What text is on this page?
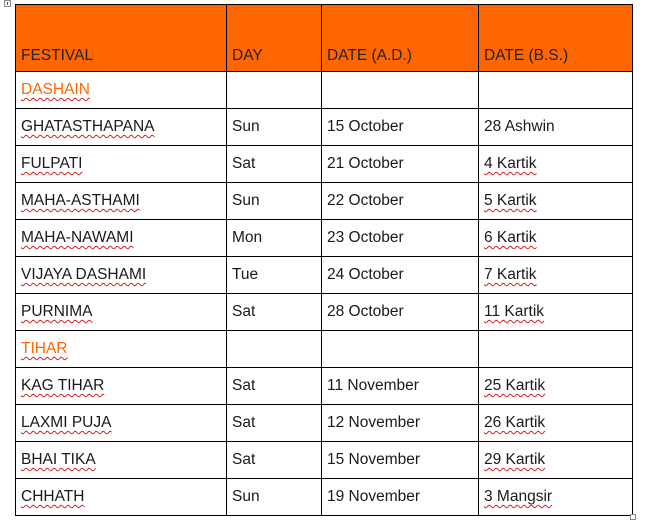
FESTIVAL	DAY	DATE (A.D.)	DATE (B.S.)
DASHAIN			
GHATASTHAPANA	Sun	15 October	28 Ashwin
FULPATI	Sat	21 October	4 Kartik
MAHA-ASTHAMI	Sun	22 October	5 Kartik
MAHA-NAWAMI	Mon	23 October	6 Kartik
VIJAYA DASHAMI	Tue	24 October	7 Kartik
PURNIMA	Sat	28 October	11 Kartik
TIHAR			
KAG TIHAR	Sat	11 November	25 Kartik
LAXMI PUJA	Sat	12 November	26 Kartik
BHAI TIKA	Sat	15 November	29 Kartik
CHHATH	Sun	19 November	3 Mangsir
